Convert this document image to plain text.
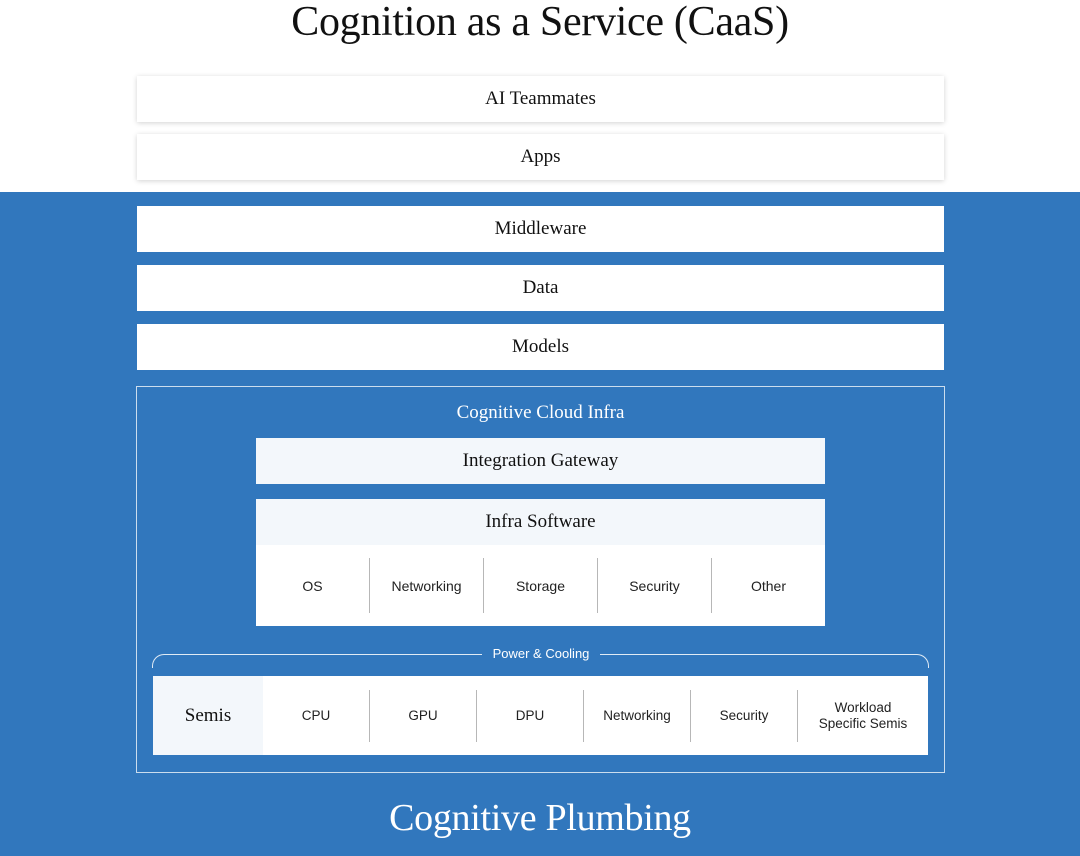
Cognition as a Service (CaaS)
AI Teammates
Apps
Middleware
Data
Models
Cognitive Cloud Infra
Integration Gateway
Infra Software
OS	Networking	Storage	Security	Other
Power & Cooling
Semis	CPU	GPU	DPU	Networking	Security
Workload Specific Semis
Cognitive Plumbing
